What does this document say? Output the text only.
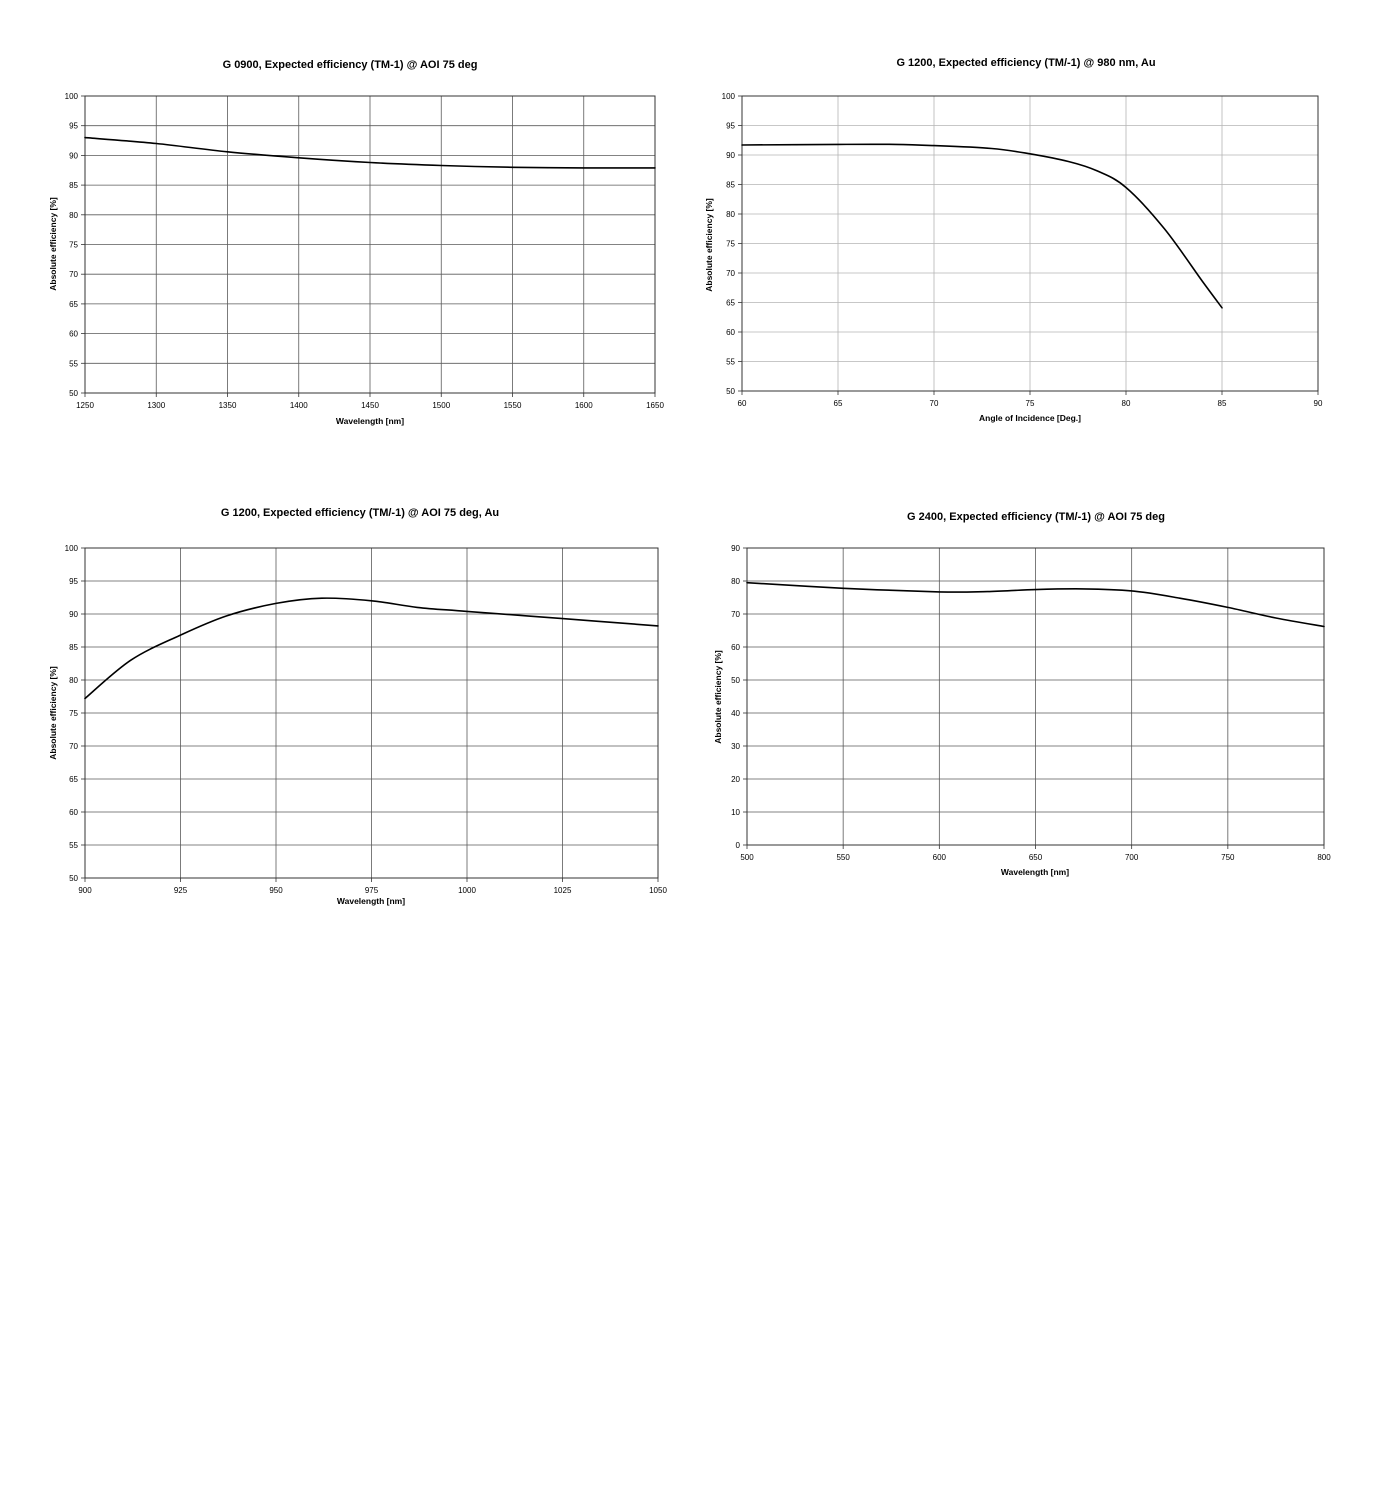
G 0900, Expected efficiency (TM-1) @ AOI 75 deg
1250	1300	1350	1400	1450	1500	1550	1600	1650
50
55
60
65
70
75
80
85
90
95
100
Wavelength [nm]
Absolute efficiency [%]
G 1200, Expected efficiency (TM/-1) @ 980 nm, Au
60	65	70	75	80	85	90
50
55
60
65
70
75
80
85
90
95
100
Angle of Incidence [Deg.]
Absolute efficiency [%]
G 1200, Expected efficiency (TM/-1) @ AOI 75 deg, Au
900	925	950	975	1000	1025	1050
50
55
60
65
70
75
80
85
90
95
100
Wavelength [nm]
Absolute efficiency [%]
G 2400, Expected efficiency (TM/-1) @ AOI 75 deg
500	550	600	650	700	750	800
0
10
20
30
40
50
60
70
80
90
Wavelength [nm]
Absolute efficiency [%]
